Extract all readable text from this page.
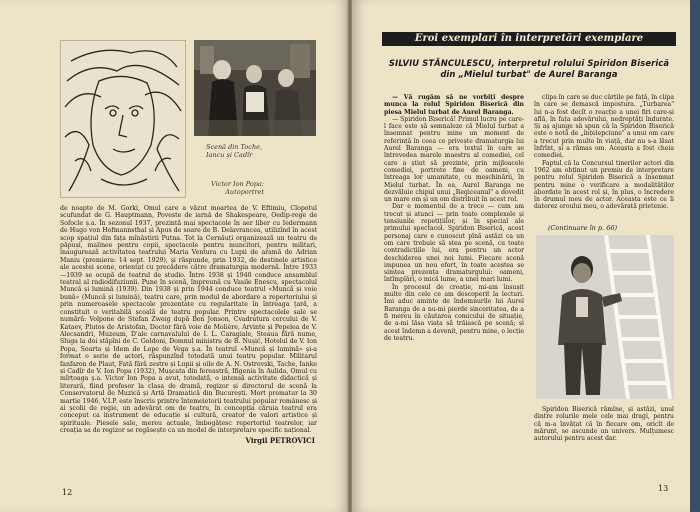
Scenă din Toche, Iancu și Cadîr
Victor Ion Popa: Autoportret
de noapte de M. Gorki, Omul care a văzut moartea de V. Eftimiu, Clopotul scufundat de G. Hauptmann, Poveste de iarnă de Shakespeare, Oedip-rege de Sofocle ș.a. În sezonul 1937, prezintă mai spectacole în aer liber cu Iedermann de Hugo von Hofmannsthal și Apus de soare de B. Delavrancea, utilizînd în acest scop spațiul din fața mînăstirii Putna. Tot la Cernăuți organizează un teatru de păpuși, malinee pentru copii, spectacole pentru muncitori, pentru militari, inaugurează activitatea teatrului Maria Ventura cu Lupii de aramă de Adrian Maniu (premiera: 14 sept. 1929), și răspunde, prin 1932, de destinele artistice ale acestei scene, orientat cu precădere către dramaturgia modernă. Între 1933—1939 se ocupă de teatrul de studio. Între 1938 și 1940 conduce ansamblul teatral al radiodifuziunii. Pune în scenă, împreună cu Vasile Enescu, spectacolul Muncă și lumină (1939). Din 1938 și prin 1944 conduce teatrul «Muncă și voie bună» (Muncă și lumină), teatru care, prin modul de abordare a repertoriului și prin numeroasele spectacole prezentate cu regularitate în întreaga țară, a constituit o veritabilă școală de teatru popular. Printre spectacolele sale se numără: Volpone de Stefan Zweig după Ben Jonson, Cvadratura cercului de V. Kataev, Plutos de Aristofan, Doctor fără voie de Molière, Arvinte și Pepelea de V. Alecsandri, Muzeum, D'ale carnavalului de I. L. Caragiale, Steaua fără nume, Sluga la doi stăpîni de C. Goldoni, Domnul ministru de B. Nușić, Hotelul de V. Ion Popa, Soarta și Idem de Lope de Vega ș.a. În teatrul «Muncă și lumină» și-a format o serie de actori, răspunzînd totodată unui teatru popular. Militarul fanfaron de Plaut, Fată fără zestre și Lupii și oile de A. N. Ostrovski, Tache, Ianke și Cadîr de V. Ion Popa (1932), Mușcata din fereastră, Ifigenia în Aulida, Omul cu mîrțoaga ș.a. Victor Ion Popa a avut, totodată, o intensă activitate didactică și literară, fiind profesor la clasa de dramă, regizor și directorul de scenă la Conservatorul de Muzică și Artă Dramatică din București. Mort prematur la 30 martie 1946, V.I.P. este înscris printre întemeietorii teatrului popular românesc și ai școlii de regie, un adevărat om de teatru, în concepția căruia teatrul era conceput ca instrument de educație și cultură, creator de valori artistice și spirituale. Piesele sale, mereu actuale, îmbogățesc repertoriul teatrelor, iar creația sa de regizor se regăsește ca un model de interpretare specific național.
Virgil PETROVICI
12
Eroi exemplari în interpretări exemplare
SILVIU STĂNCULESCU, interpretul rolului Spiridon Biserică
din „Mielul turbat" de Aurel Baranga

— Vă rugăm să ne vorbiți despre munca la rolul Spiridon Biserică din piesa Mielul turbat de Aurel Baranga.

— Spiridon Biserică! Primul lucru pe care-l face este să semnaleze că Mielul turbat a însemnat pentru mine un moment de referință în ceea ce privește dramaturgia lui Aurel Baranga — era textul în care se întrevedea marele maestru al comediei, cel care a știut să prezinte, prin mijloacele comediei, portrete fine de oameni, cu întreaga lor umanitate, cu meschinării, în Mielul turbat. În ea, Aurel Baranga ne dezvăluie chipul unui „Regiceanul" a dovedit un mare om și un om distribuit în acest rol.

Dar e momentul de a trece — cum am trecut și atunci — prin toate complexele și tensiunile repetițiilor, și în special ale primului spectacol. Spiridon Biserică, acest personaj care e cunoscut pînă astăzi ca un om care trebuie să stea pe scenă, cu toate contradicțiile lui, era pentru un actor deschiderea unei noi lumi. Fiecare scenă impunea un nou efort, în toate acestea se simțea prezența dramaturgului: oameni, întîmplări, o mică lume, a unei mari lumi.

În procesul de creație, mi-am însușit multe din cele ce am descoperit la lecturi. Îmi aduc aminte de îndemnurile lui Aurel Baranga de a nu-mi pierde sinceritatea, de a fi mereu în căutarea comicului de situație, de a-mi lăsa viața să trăiască pe scenă; și acest îndemn a devenit, pentru mine, o lecție de teatru.

clipa în care se duc cărțile pe față, în clipa în care se demască impostura. „Turbarea" lui n-a fost decît o reacție a unei firi care-și află, în fața adevărului, nedreptăți îndurate. Și aș ajunge să spun că la Spiridon Biserică este o notă de „înțelepciune" a unui om care a trecut prin multe în viață, dar nu s-a lăsat înfrînt, și a rămas om. Aceasta a fost cheia comediei.

Faptul că la Concursul tinerilor actori din 1962 am obținut un premiu de interpretare pentru rolul Spiridon Biserică a însemnat pentru mine o verificare a modalităților abordate în acest rol și, în plus, o încredere în drumul meu de actor. Aceasta este ce îi datorez eroului meu, o adevărată prietenie.

(Continuare în p. 66)

Spiridon Biserică rămîne, și astăzi, unul dintre rolurile mele cele mai dragi, pentru că m-a învățat că în fiecare om, oricît de mărunt, se ascunde un univers. Mulțumesc autorului pentru acest dar.

13
